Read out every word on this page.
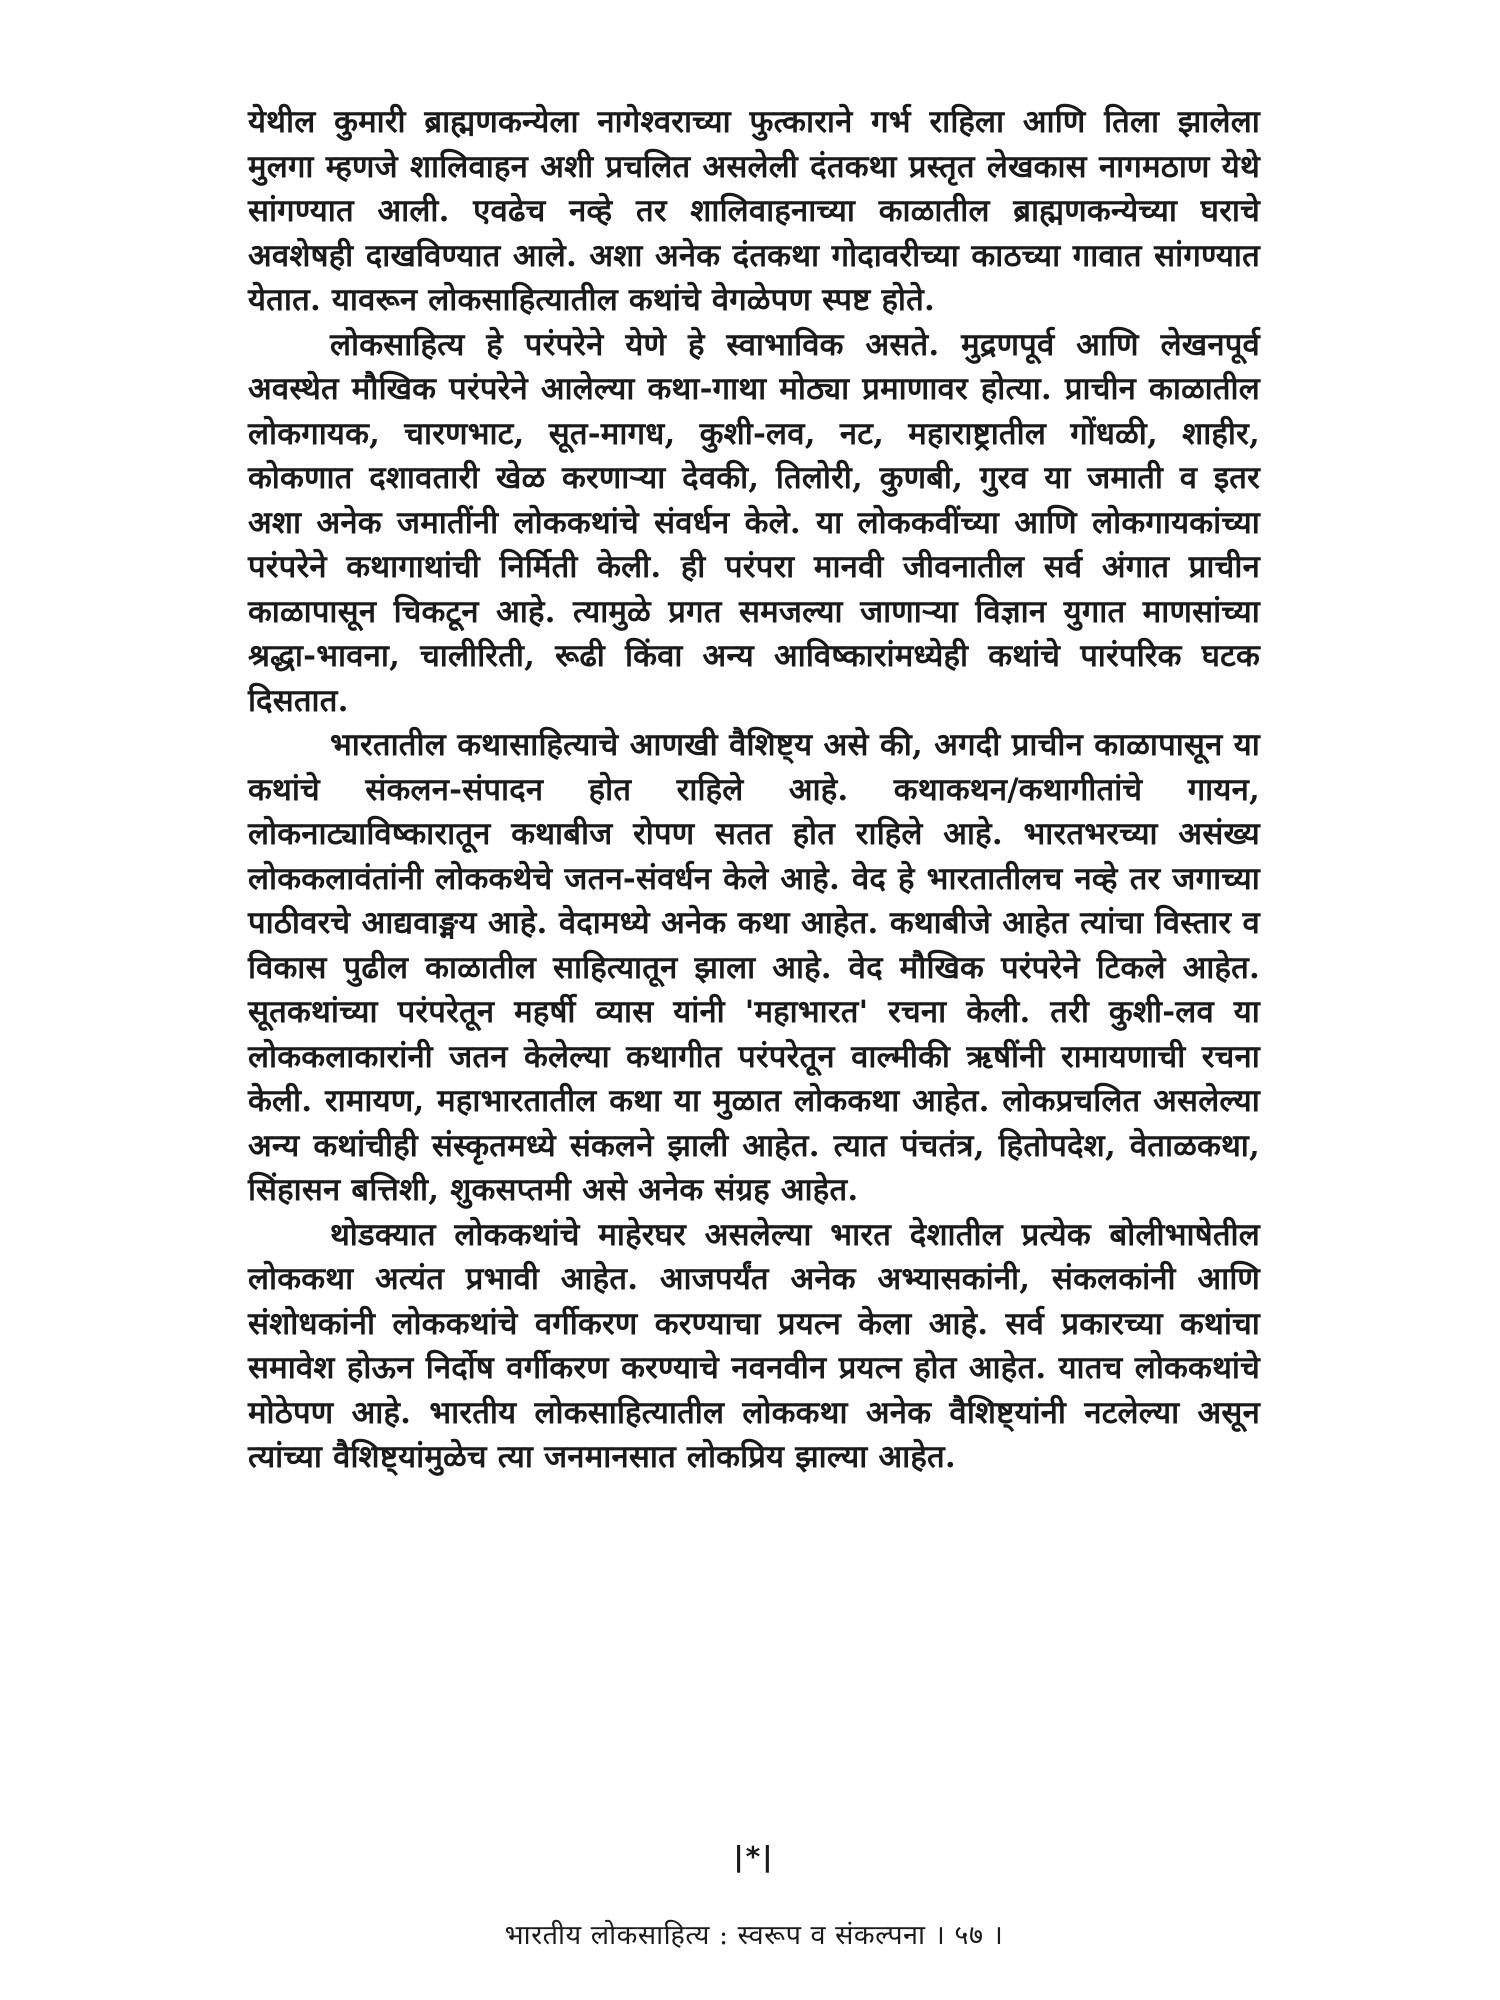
येथील कुमारी ब्राह्मणकन्येला नागेश्वराच्या फुत्काराने गर्भ राहिला आणि तिला झालेला मुलगा म्हणजे शालिवाहन अशी प्रचलित असलेली दंतकथा प्रस्तृत लेखकास नागमठाण येथे सांगण्यात आली. एवढेच नव्हे तर शालिवाहनाच्या काळातील ब्राह्मणकन्येच्या घराचे अवशेषही दाखविण्यात आले. अशा अनेक दंतकथा गोदावरीच्या काठच्या गावात सांगण्यात येतात. यावरून लोकसाहित्यातील कथांचे वेगळेपण स्पष्ट होते.

लोकसाहित्य हे परंपरेने येणे हे स्वाभाविक असते. मुद्रणपूर्व आणि लेखनपूर्व अवस्थेत मौखिक परंपरेने आलेल्या कथा-गाथा मोठ्या प्रमाणावर होत्या. प्राचीन काळातील लोकगायक, चारणभाट, सूत-मागध, कुशी-लव, नट, महाराष्ट्रातील गोंधळी, शाहीर, कोकणात दशावतारी खेळ करणाऱ्या देवकी, तिलोरी, कुणबी, गुरव या जमाती व इतर अशा अनेक जमातींनी लोककथांचे संवर्धन केले. या लोककवींच्या आणि लोकगायकांच्या परंपरेने कथागाथांची निर्मिती केली. ही परंपरा मानवी जीवनातील सर्व अंगात प्राचीन काळापासून चिकटून आहे. त्यामुळे प्रगत समजल्या जाणाऱ्या विज्ञान युगात माणसांच्या श्रद्धा-भावना, चालीरिती, रूढी किंवा अन्य आविष्कारांमध्येही कथांचे पारंपरिक घटक दिसतात.

भारतातील कथासाहित्याचे आणखी वैशिष्ट्य असे की, अगदी प्राचीन काळापासून या कथांचे संकलन-संपादन होत राहिले आहे. कथाकथन/कथागीतांचे गायन, लोकनाट्याविष्कारातून कथाबीज रोपण सतत होत राहिले आहे. भारतभरच्या असंख्य लोककलावंतांनी लोककथेचे जतन-संवर्धन केले आहे. वेद हे भारतातीलच नव्हे तर जगाच्या पाठीवरचे आद्यवाङ्मय आहे. वेदामध्ये अनेक कथा आहेत. कथाबीजे आहेत त्यांचा विस्तार व विकास पुढील काळातील साहित्यातून झाला आहे. वेद मौखिक परंपरेने टिकले आहेत. सूतकथांच्या परंपरेतून महर्षी व्यास यांनी 'महाभारत' रचना केली. तरी कुशी-लव या लोककलाकारांनी जतन केलेल्या कथागीत परंपरेतून वाल्मीकी ऋषींनी रामायणाची रचना केली. रामायण, महाभारतातील कथा या मुळात लोककथा आहेत. लोकप्रचलित असलेल्या अन्य कथांचीही संस्कृतमध्ये संकलने झाली आहेत. त्यात पंचतंत्र, हितोपदेश, वेताळकथा, सिंहासन बत्तिशी, शुकसप्तमी असे अनेक संग्रह आहेत.

थोडक्यात लोककथांचे माहेरघर असलेल्या भारत देशातील प्रत्येक बोलीभाषेतील लोककथा अत्यंत प्रभावी आहेत. आजपर्यंत अनेक अभ्यासकांनी, संकलकांनी आणि संशोधकांनी लोककथांचे वर्गीकरण करण्याचा प्रयत्न केला आहे. सर्व प्रकारच्या कथांचा समावेश होऊन निर्दोष वर्गीकरण करण्याचे नवनवीन प्रयत्न होत आहेत. यातच लोककथांचे मोठेपण आहे. भारतीय लोकसाहित्यातील लोककथा अनेक वैशिष्ट्यांनी नटलेल्या असून त्यांच्या वैशिष्ट्यांमुळेच त्या जनमानसात लोकप्रिय झाल्या आहेत.

|*|
भारतीय लोकसाहित्य : स्वरूप व संकल्पना । ५७ ।
